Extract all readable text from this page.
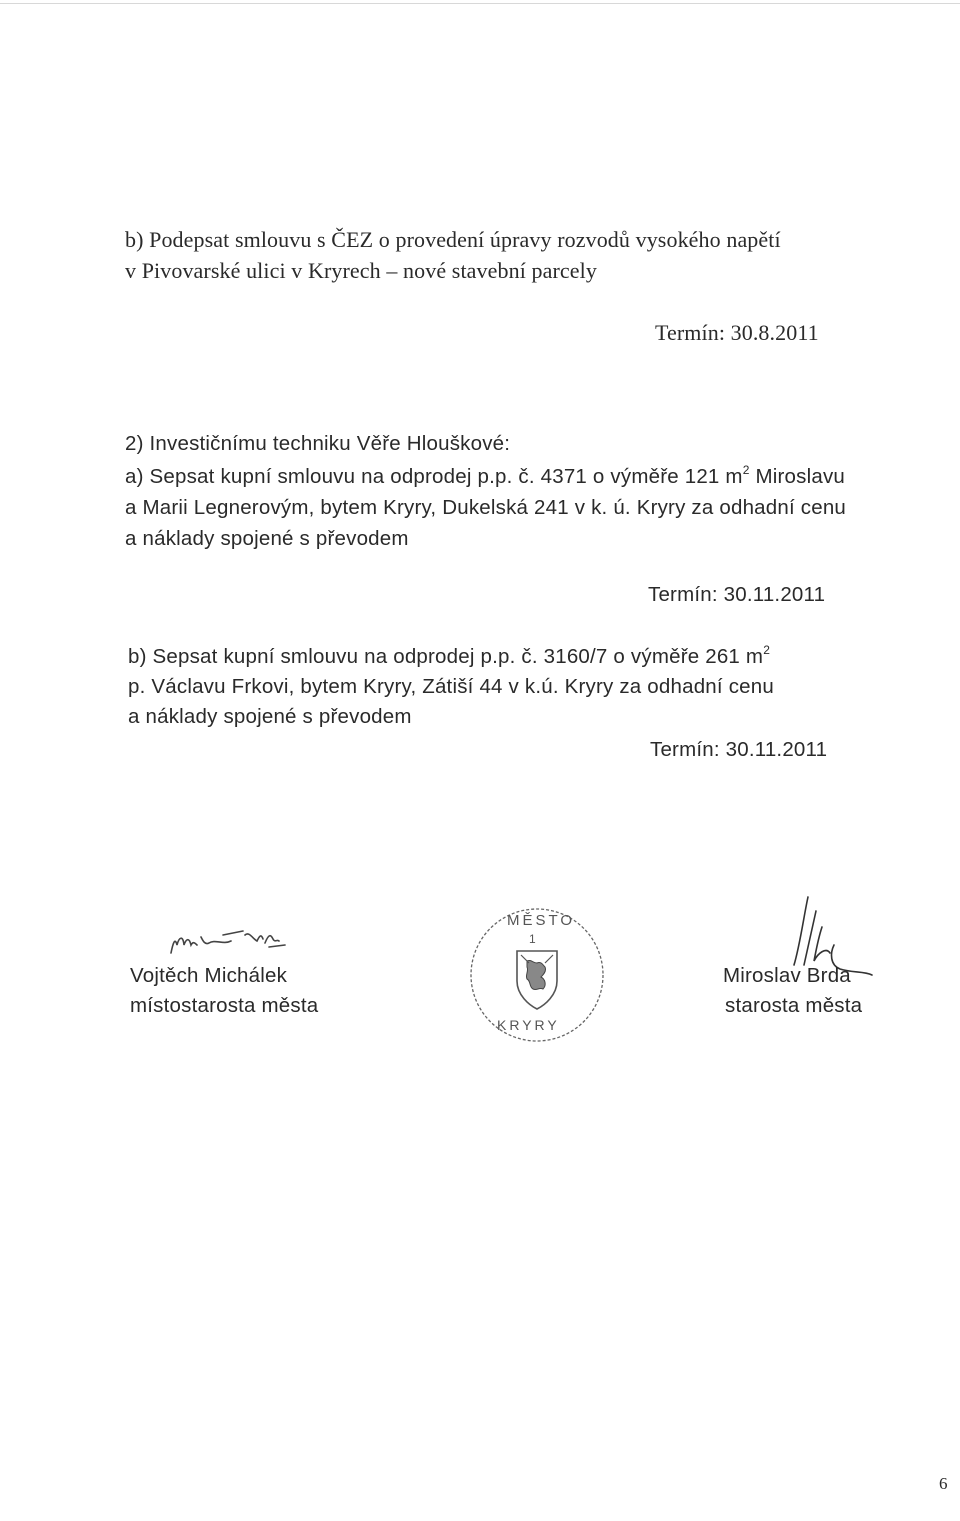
b) Podepsat smlouvu s ČEZ o provedení úpravy rozvodů vysokého napětí
v Pivovarské ulici v Kryrech – nové stavební parcely
Termín: 30.8.2011
2) Investičnímu techniku Věře Hlouškové:
a) Sepsat kupní smlouvu na odprodej p.p. č. 4371 o výměře 121 $m^2$ Miroslavu
a Marii Legnerovým, bytem Kryry, Dukelská 241 v k. ú. Kryry za odhadní cenu
a náklady spojené s převodem
Termín: 30.11.2011
b) Sepsat kupní smlouvu na odprodej p.p. č. 3160/7 o výměře 261 $m^2$
p. Václavu Frkovi, bytem Kryry, Zátiší 44 v k.ú. Kryry za odhadní cenu
a náklady spojené s převodem
Termín: 30.11.2011
Vojtěch Michálek
místostarosta města
MĚSTO
1
KRYRY
Miroslav Brda
starosta města
6
